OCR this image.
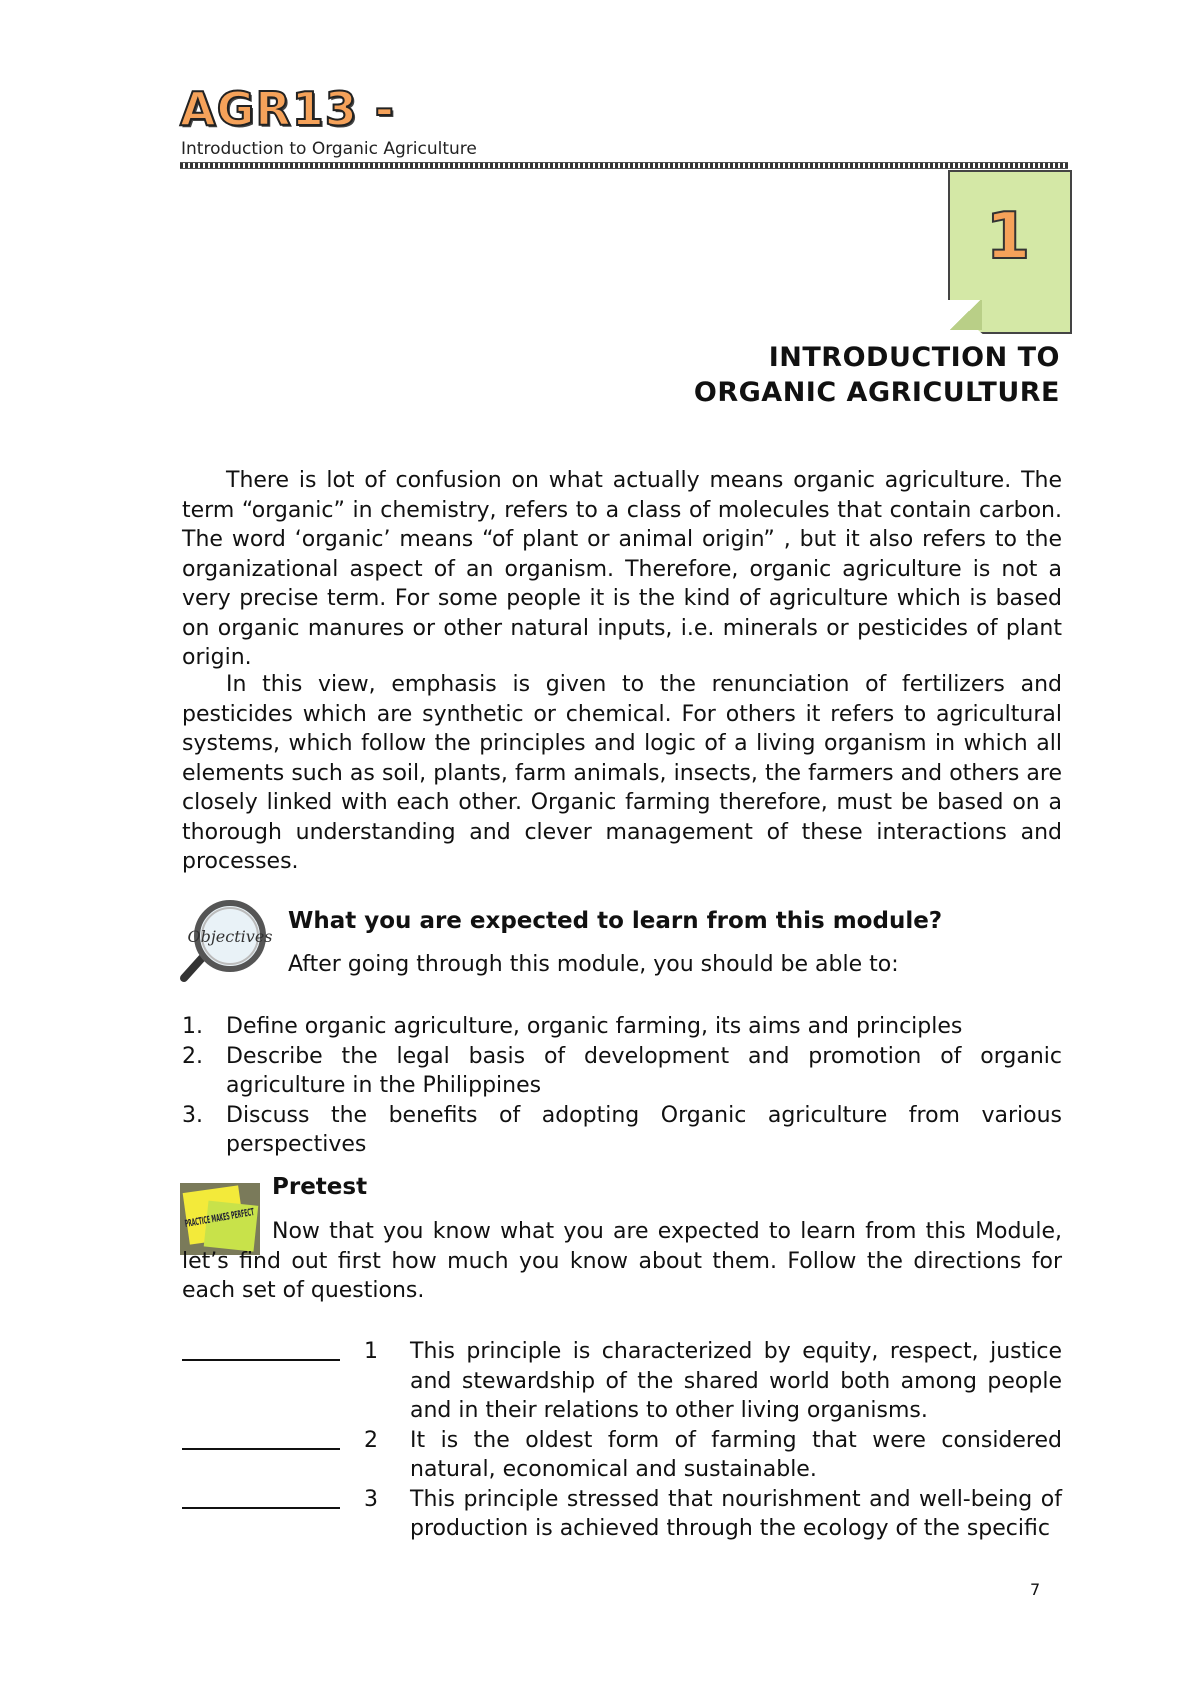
AGR13 -
Introduction to Organic Agriculture
1
INTRODUCTION TO
ORGANIC AGRICULTURE
There is lot of confusion on what actually means organic agriculture. The term “organic” in chemistry, refers to a class of molecules that contain carbon. The word ‘organic’ means “of plant or animal origin” , but it also refers to the organizational aspect of an organism. Therefore, organic agriculture is not a very precise term. For some people it is the kind of agriculture which is based on organic manures or other natural inputs, i.e. minerals or pesticides of plant origin.
In this view, emphasis is given to the renunciation of fertilizers and pesticides which are synthetic or chemical. For others it refers to agricultural systems, which follow the principles and logic of a living organism in which all elements such as soil, plants, farm animals, insects, the farmers and others are closely linked with each other. Organic farming therefore, must be based on a thorough understanding and clever management of these interactions and processes.
Objectives
What you are expected to learn from this module?
After going through this module, you should be able to:
1.	Define organic agriculture, organic farming, its aims and principles
2.	Describe the legal basis of development and promotion of organic agriculture in the Philippines
3.	Discuss the benefits of adopting Organic agriculture from various perspectives
Pretest
Now that you know what you are expected to learn from this Module, let’s find out first how much you know about them. Follow the directions for each set of questions.
1	This principle is characterized by equity, respect, justice and stewardship of the shared world both among people and in their relations to other living organisms.
2	It is the oldest form of farming that were considered natural, economical and sustainable.
3	This principle stressed that nourishment and well-being of production is achieved through the ecology of the specific
7
